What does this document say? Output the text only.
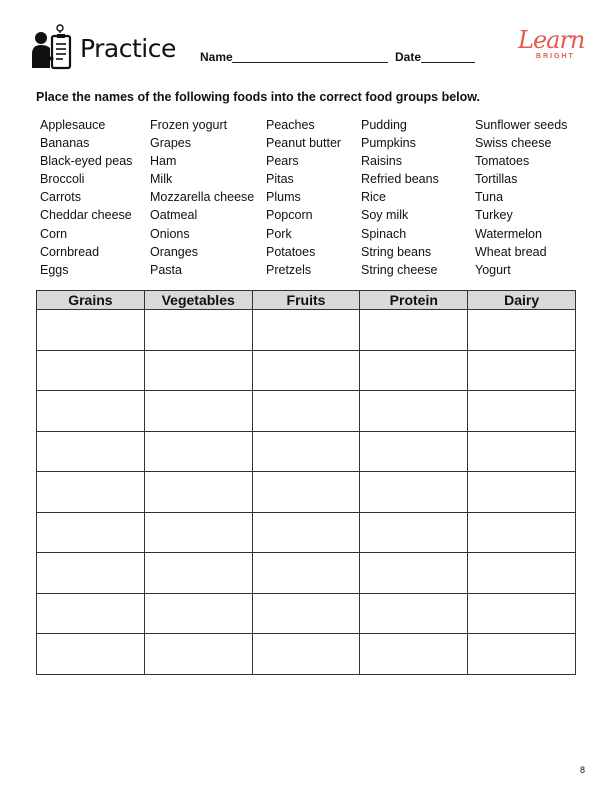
Practice Name	Date
Learn
BRIGHT
Place the names of the following foods into the correct food groups below.
Applesauce
Bananas
Black-eyed peas
Broccoli
Carrots
Cheddar cheese
Corn
Cornbread
Eggs
Frozen yogurt
Grapes
Ham
Milk
Mozzarella cheese
Oatmeal
Onions
Oranges
Pasta
Peaches
Peanut butter
Pears
Pitas
Plums
Popcorn
Pork
Potatoes
Pretzels
Pudding
Pumpkins
Raisins
Refried beans
Rice
Soy milk
Spinach
String beans
String cheese
Sunflower seeds
Swiss cheese
Tomatoes
Tortillas
Tuna
Turkey
Watermelon
Wheat bread
Yogurt
Grains	Vegetables	Fruits	Protein	Dairy

8
